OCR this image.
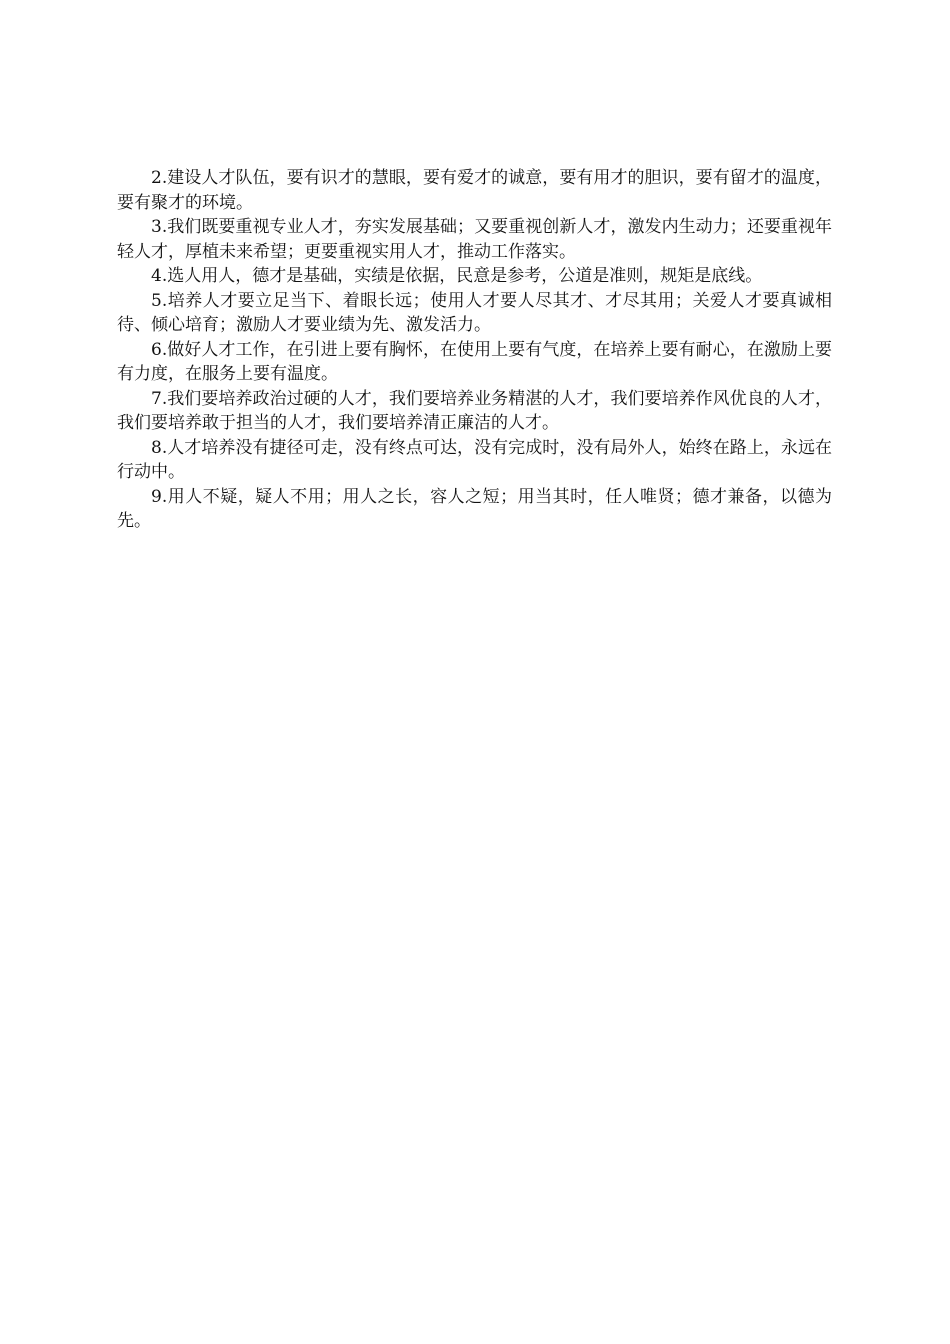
2.建设人才队伍，要有识才的慧眼，要有爱才的诚意，要有用才的胆识，要有留才的温度，要有聚才的环境。

3.我们既要重视专业人才，夯实发展基础；又要重视创新人才，激发内生动力；还要重视年轻人才，厚植未来希望；更要重视实用人才，推动工作落实。

4.选人用人，德才是基础，实绩是依据，民意是参考，公道是准则，规矩是底线。

5.培养人才要立足当下、着眼长远；使用人才要人尽其才、才尽其用；关爱人才要真诚相待、倾心培育；激励人才要业绩为先、激发活力。

6.做好人才工作，在引进上要有胸怀，在使用上要有气度，在培养上要有耐心，在激励上要有力度，在服务上要有温度。

7.我们要培养政治过硬的人才，我们要培养业务精湛的人才，我们要培养作风优良的人才，我们要培养敢于担当的人才，我们要培养清正廉洁的人才。

8.人才培养没有捷径可走，没有终点可达，没有完成时，没有局外人，始终在路上，永远在行动中。

9.用人不疑，疑人不用；用人之长，容人之短；用当其时，任人唯贤；德才兼备，以德为先。
